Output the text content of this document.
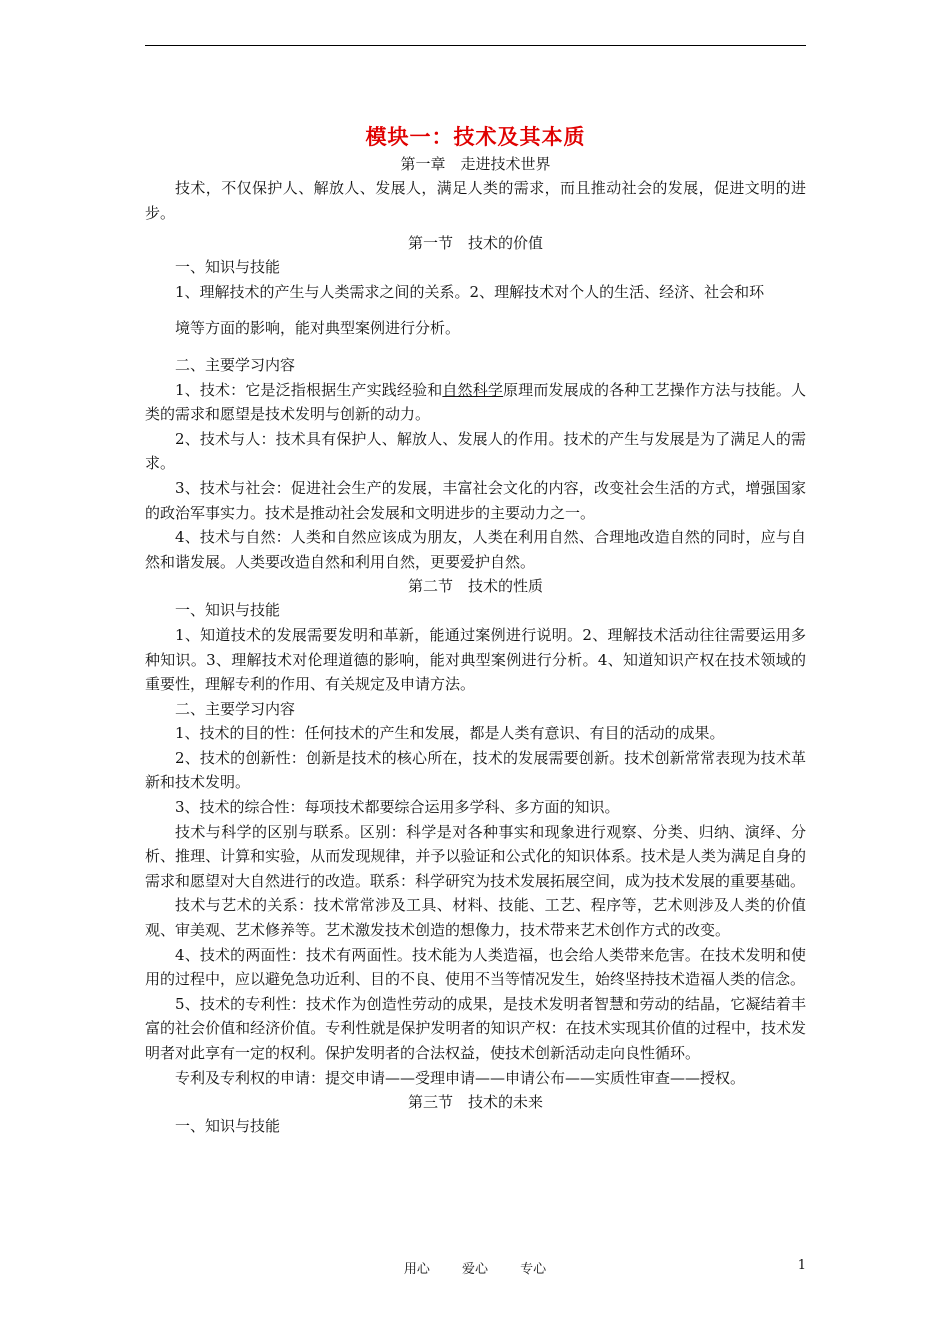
模块一：技术及其本质
第一章　走进技术世界

技术，不仅保护人、解放人、发展人，满足人类的需求，而且推动社会的发展，促进文明的进步。

第一节　技术的价值

一、知识与技能

1、理解技术的产生与人类需求之间的关系。2、理解技术对个人的生活、经济、社会和环

境等方面的影响，能对典型案例进行分析。

二、主要学习内容

1、技术：它是泛指根据生产实践经验和自然科学原理而发展成的各种工艺操作方法与技能。人类的需求和愿望是技术发明与创新的动力。

2、技术与人：技术具有保护人、解放人、发展人的作用。技术的产生与发展是为了满足人的需求。

3、技术与社会：促进社会生产的发展，丰富社会文化的内容，改变社会生活的方式，增强国家的政治军事实力。技术是推动社会发展和文明进步的主要动力之一。

4、技术与自然：人类和自然应该成为朋友，人类在利用自然、合理地改造自然的同时，应与自然和谐发展。人类要改造自然和利用自然，更要爱护自然。

第二节　技术的性质

一、知识与技能

1、知道技术的发展需要发明和革新，能通过案例进行说明。2、理解技术活动往往需要运用多种知识。3、理解技术对伦理道德的影响，能对典型案例进行分析。4、知道知识产权在技术领域的重要性，理解专利的作用、有关规定及申请方法。

二、主要学习内容

1、技术的目的性：任何技术的产生和发展，都是人类有意识、有目的活动的成果。

2、技术的创新性：创新是技术的核心所在，技术的发展需要创新。技术创新常常表现为技术革新和技术发明。

3、技术的综合性：每项技术都要综合运用多学科、多方面的知识。

技术与科学的区别与联系。区别：科学是对各种事实和现象进行观察、分类、归纳、演绎、分析、推理、计算和实验，从而发现规律，并予以验证和公式化的知识体系。技术是人类为满足自身的需求和愿望对大自然进行的改造。联系：科学研究为技术发展拓展空间，成为技术发展的重要基础。

技术与艺术的关系：技术常常涉及工具、材料、技能、工艺、程序等，艺术则涉及人类的价值观、审美观、艺术修养等。艺术激发技术创造的想像力，技术带来艺术创作方式的改变。

4、技术的两面性：技术有两面性。技术能为人类造福，也会给人类带来危害。在技术发明和使用的过程中，应以避免急功近利、目的不良、使用不当等情况发生，始终坚持技术造福人类的信念。

5、技术的专利性：技术作为创造性劳动的成果，是技术发明者智慧和劳动的结晶，它凝结着丰富的社会价值和经济价值。专利性就是保护发明者的知识产权：在技术实现其价值的过程中，技术发明者对此享有一定的权利。保护发明者的合法权益，使技术创新活动走向良性循环。

专利及专利权的申请：提交申请——受理申请——申请公布——实质性审查——授权。

第三节　技术的未来

一、知识与技能

用心 爱心 专心	1
